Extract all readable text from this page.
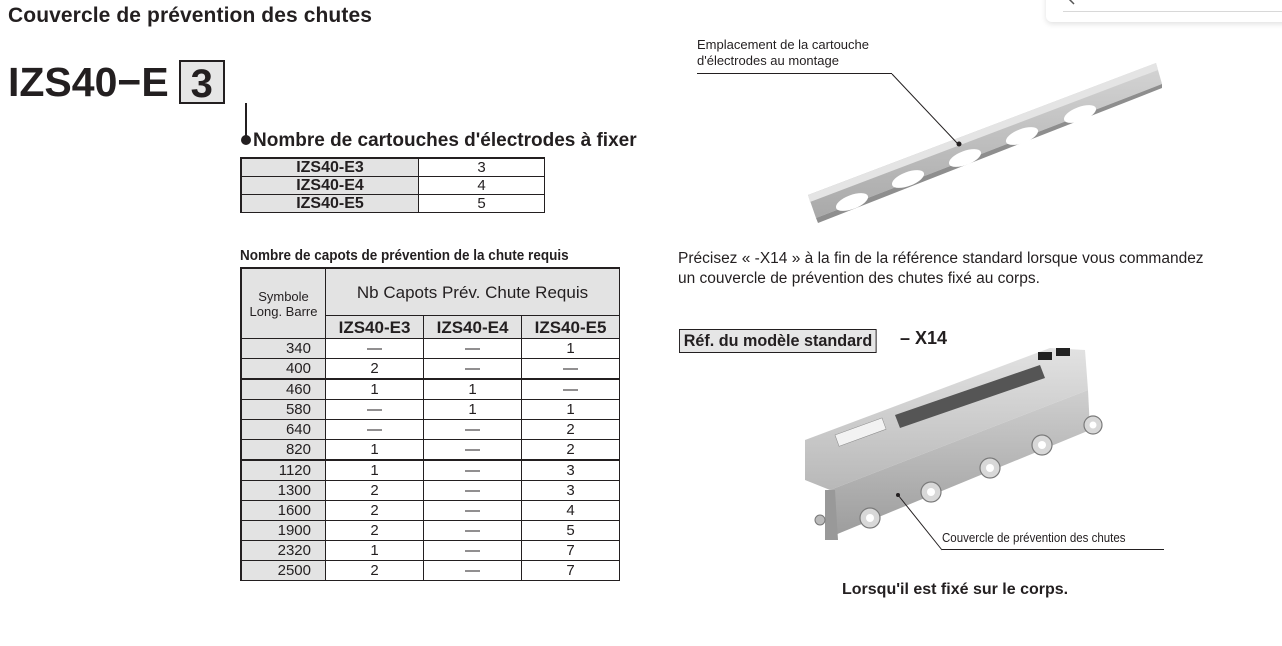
Couvercle de prévention des chutes
IZS40−E 3
Nombre de cartouches d'électrodes à fixer
IZS40-E3	3
IZS40-E4	4
IZS40-E5	5
Nombre de capots de prévention de la chute requis
Symbole Long. Barre	Nb Capots Prév. Chute Requis		
	IZS40-E3	IZS40-E4	IZS40-E5
340	—	—	1
400	2	—	—
460	1	1	—
580	—	1	1
640	—	—	2
820	1	—	2
1120	1	—	3
1300	2	—	3
1600	2	—	4
1900	2	—	5
2320	1	—	7
2500	2	—	7
Emplacement de la cartouche
d'électrodes au montage
Précisez « -X14 » à la fin de la référence standard lorsque vous commandez
un couvercle de prévention des chutes fixé au corps.
Réf. du modèle standard – X14
Couvercle de prévention des chutes
Lorsqu'il est fixé sur le corps.
